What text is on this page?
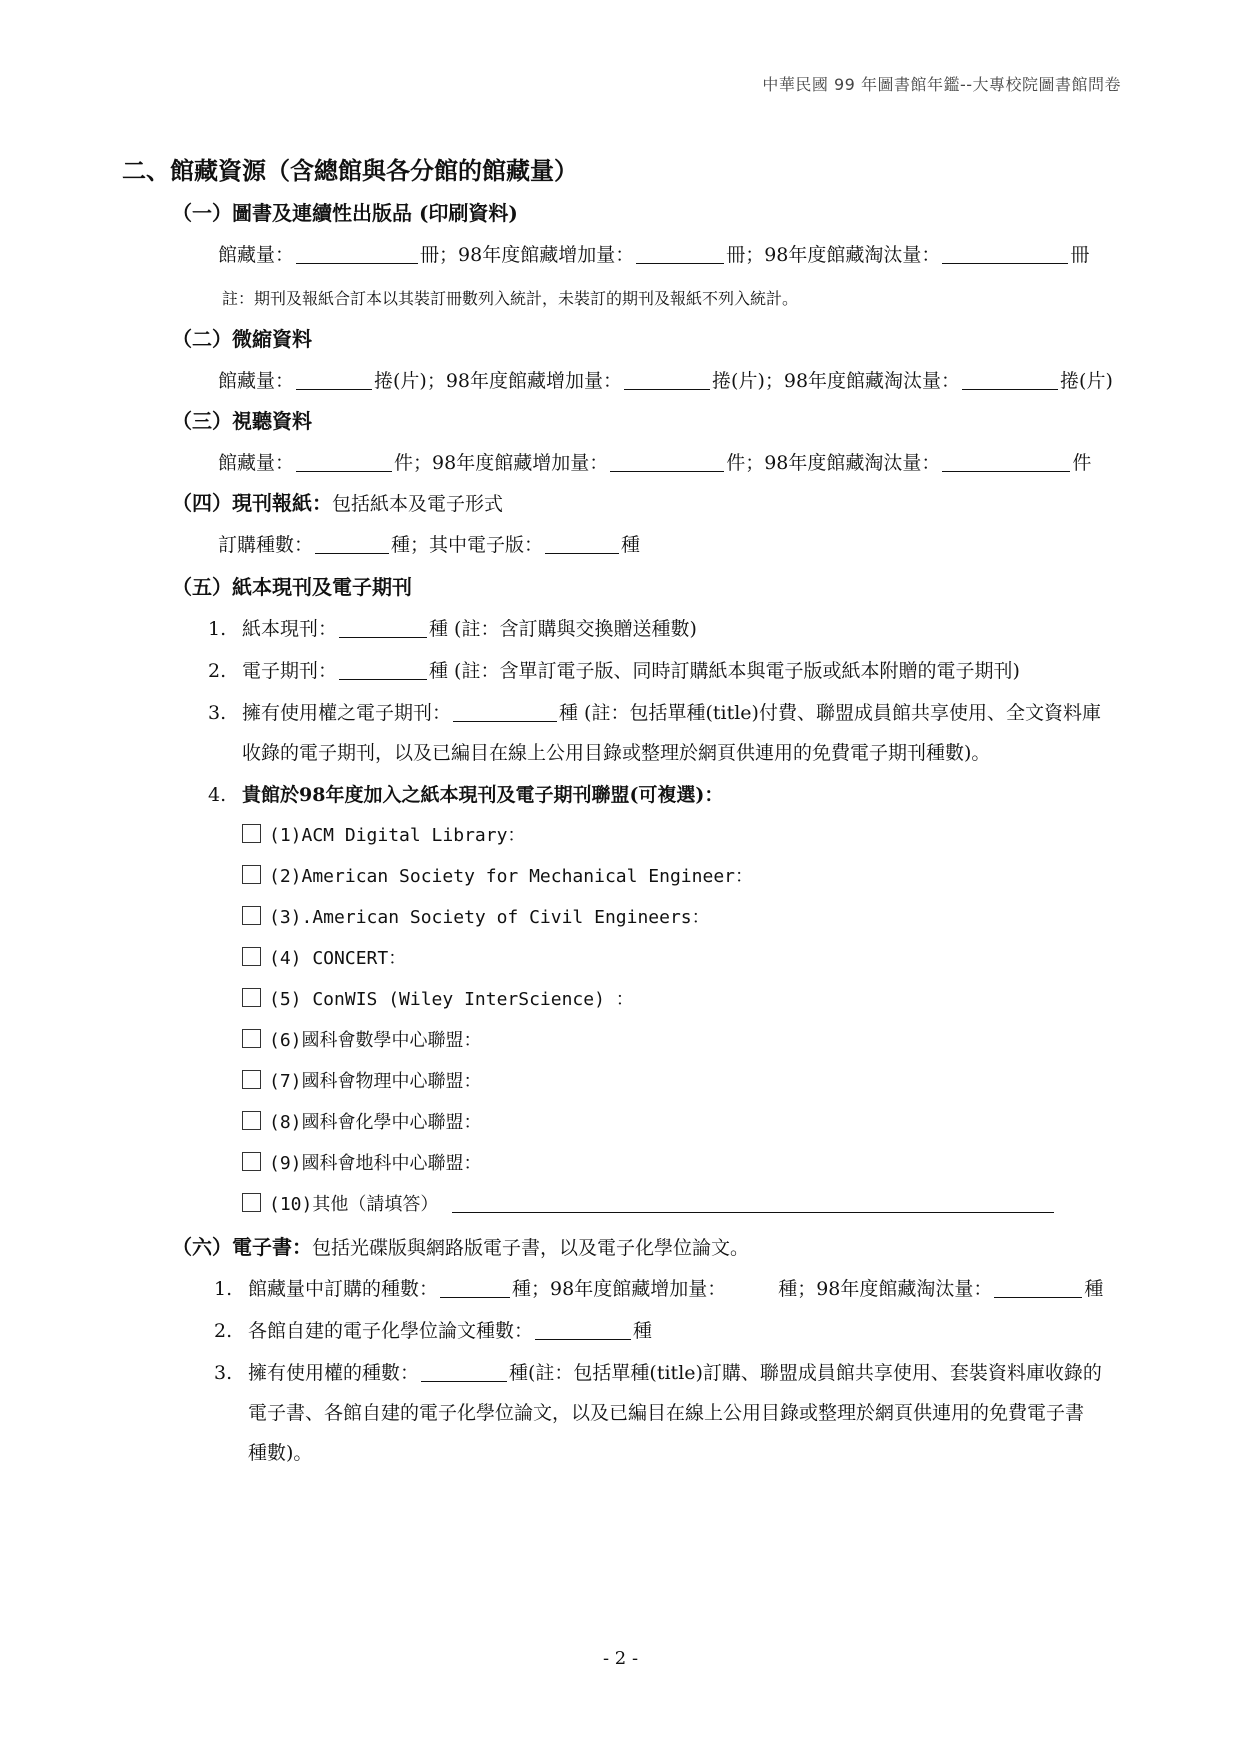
中華民國 99 年圖書館年鑑--大專校院圖書館問卷
二、館藏資源（含總館與各分館的館藏量）
（一）圖書及連續性出版品 (印刷資料)
館藏量：	冊；98年度館藏增加量：	冊；98年度館藏淘汰量：	冊
註：期刊及報紙合訂本以其裝訂冊數列入統計，未裝訂的期刊及報紙不列入統計。
（二）微縮資料
館藏量：	捲(片)；98年度館藏增加量：	捲(片)；98年度館藏淘汰量：	捲(片)
（三）視聽資料
館藏量：	件；98年度館藏增加量：	件；98年度館藏淘汰量：	件
（四）現刊報紙：包括紙本及電子形式
訂購種數：	種；其中電子版：	種
（五）紙本現刊及電子期刊
1. 紙本現刊：	種 (註：含訂購與交換贈送種數)
2. 電子期刊：	種 (註：含單訂電子版、同時訂購紙本與電子版或紙本附贈的電子期刊)
3. 擁有使用權之電子期刊：	種 (註：包括單種(title)付費、聯盟成員館共享使用、全文資料庫
收錄的電子期刊，以及已編目在線上公用目錄或整理於網頁供連用的免費電子期刊種數)。
4. 貴館於98年度加入之紙本現刊及電子期刊聯盟(可複選)：
(1)ACM Digital Library：
(2)American Society for Mechanical Engineer：
(3).American Society of Civil Engineers：
(4) CONCERT：
(5) ConWIS (Wiley InterScience) ：
(6)國科會數學中心聯盟：
(7)國科會物理中心聯盟：
(8)國科會化學中心聯盟：
(9)國科會地科中心聯盟：
(10)其他（請填答）
（六）電子書：包括光碟版與網路版電子書，以及電子化學位論文。
1. 館藏量中訂購的種數：	種；98年度館藏增加量：	種；98年度館藏淘汰量：	種
2. 各館自建的電子化學位論文種數：	種
3. 擁有使用權的種數：	種(註：包括單種(title)訂購、聯盟成員館共享使用、套裝資料庫收錄的
電子書、各館自建的電子化學位論文，以及已編目在線上公用目錄或整理於網頁供連用的免費電子書
種數)。
- 2 -
